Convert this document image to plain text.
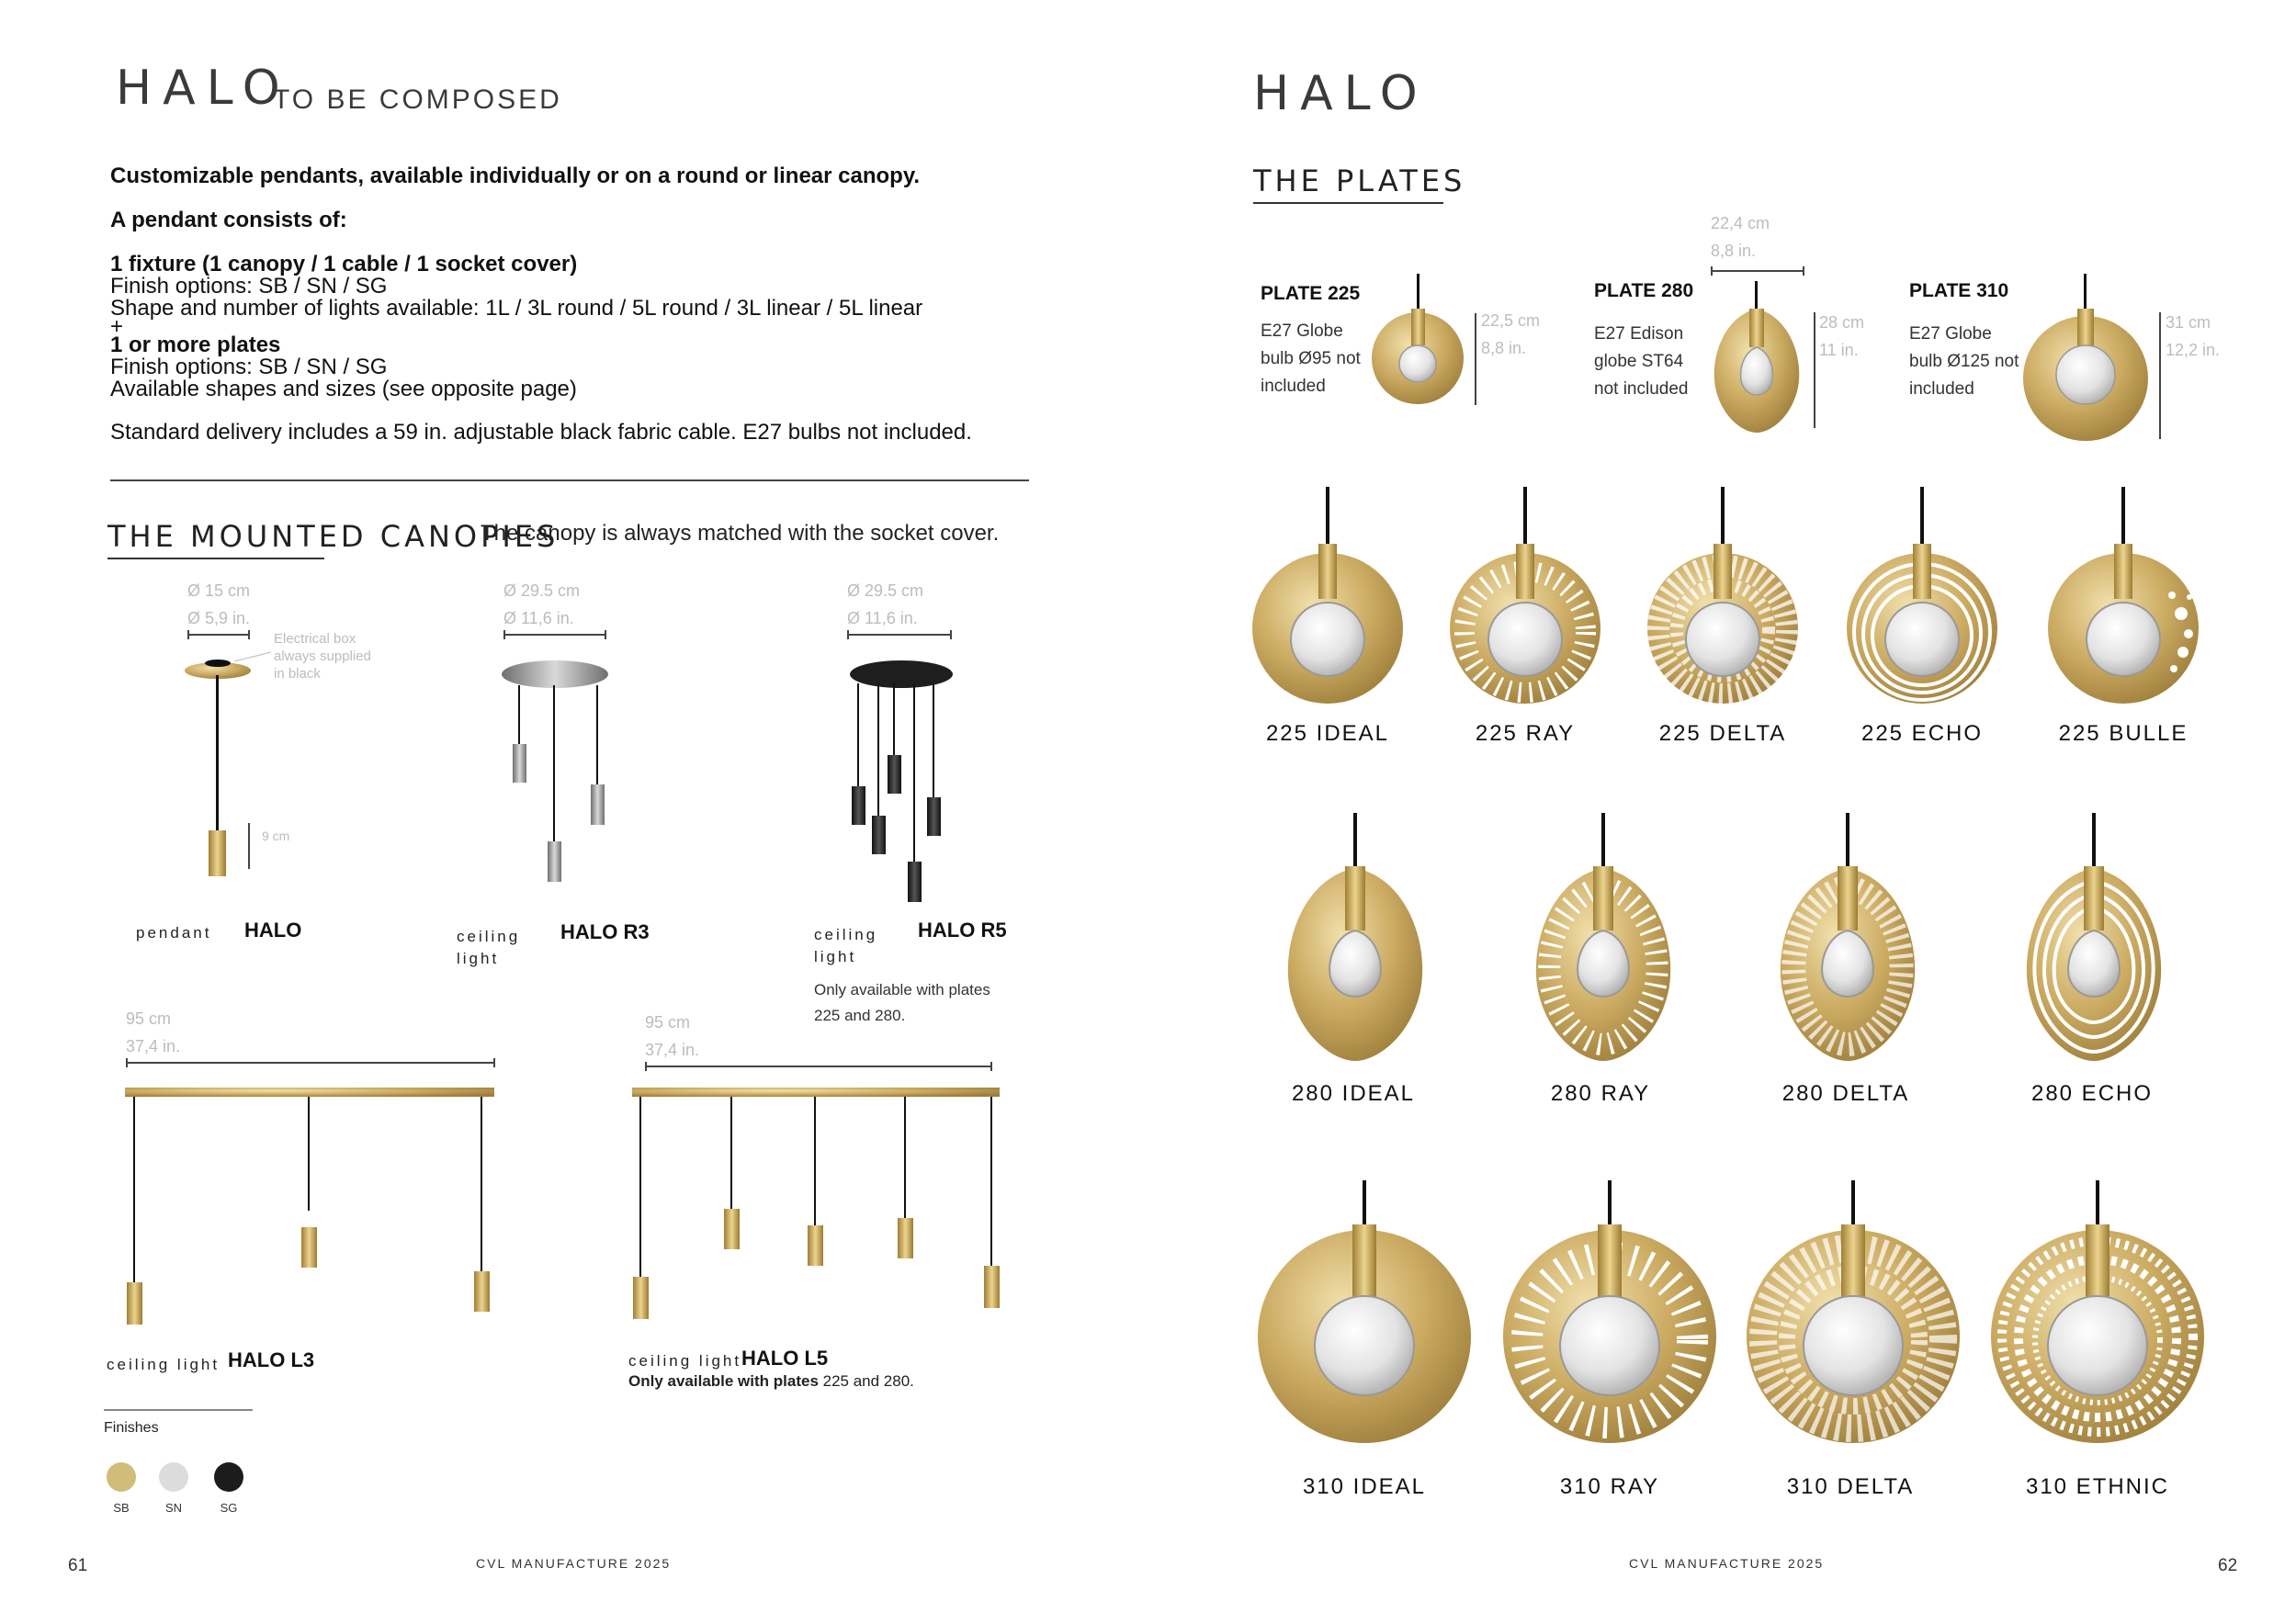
HALO
TO BE COMPOSED
Customizable pendants, available individually or on a round or linear canopy.
A pendant consists of:
1 fixture (1 canopy / 1 cable / 1 socket cover)
Finish options: SB / SN / SG
Shape and number of lights available: 1L / 3L round / 5L round / 3L linear / 5L linear
+
1 or more plates
Finish options: SB / SN / SG
Available shapes and sizes (see opposite page)
Standard delivery includes a 59 in. adjustable black fabric cable. E27 bulbs not included.
THE MOUNTED CANOPIES
The canopy is always matched with the socket cover.
Ø 15 cm
Ø 5,9 in.
Electrical box
always supplied
in black
9 cm
pendant HALO
Ø 29.5 cm
Ø 11,6 in.
ceiling
light
HALO R3
Ø 29.5 cm
Ø 11,6 in.
ceiling
light
HALO R5
Only available with plates
225 and 280.
95 cm
37,4 in.
ceiling light HALO L3
95 cm
37,4 in.
ceiling light HALO L5
Only available with plates 225 and 280.
Finishes
SB	SN	SG
61	CVL MANUFACTURE 2025
HALO
THE PLATES
PLATE 225
E27 Globe
bulb Ø95 not
included
22,5 cm
8,8 in.
22,4 cm
8,8 in.
PLATE 280
E27 Edison
globe ST64
not included
28 cm
11 in.
PLATE 310
E27 Globe
bulb Ø125 not
included
31 cm
12,2 in.
225 IDEAL	225 RAY	225 DELTA	225 ECHO	225 BULLE
280 IDEAL	280 RAY	280 DELTA	280 ECHO
310 IDEAL	310 RAY	310 DELTA	310 ETHNIC
CVL MANUFACTURE 2025	62
